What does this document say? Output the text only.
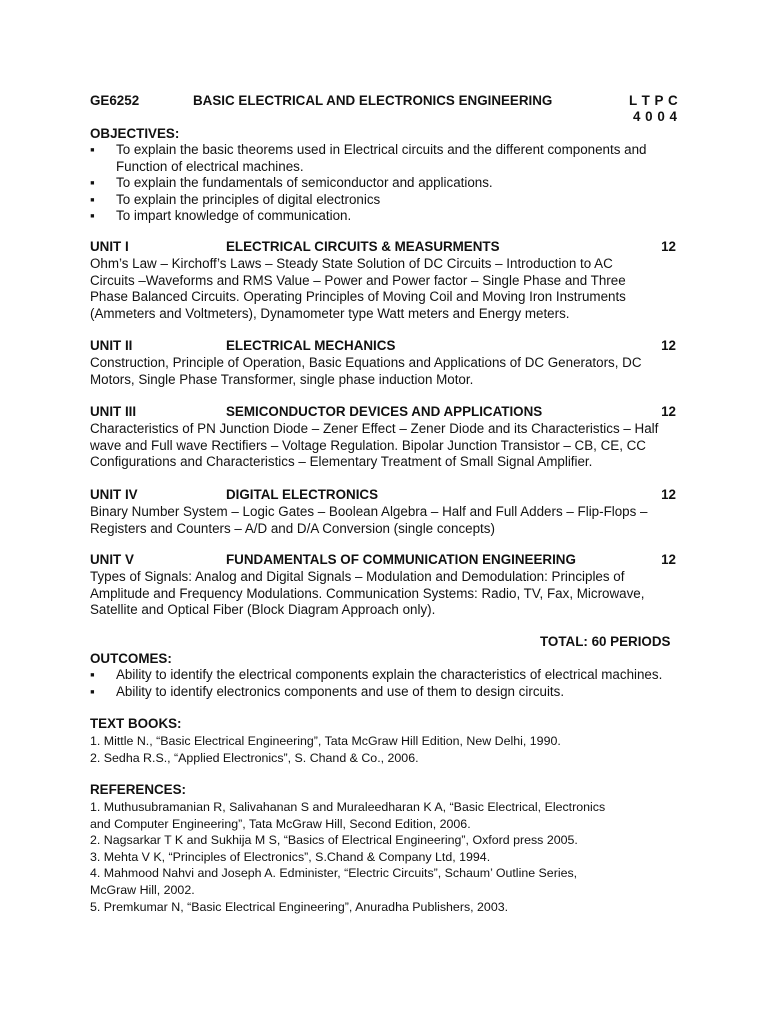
GE6252	BASIC ELECTRICAL AND ELECTRONICS ENGINEERING	L T P C
4 0 0 4
OBJECTIVES:
▪ To explain the basic theorems used in Electrical circuits and the different components and
Function of electrical machines.
▪ To explain the fundamentals of semiconductor and applications.
▪ To explain the principles of digital electronics
▪ To impart knowledge of communication.
UNIT I	ELECTRICAL CIRCUITS & MEASURMENTS	12
Ohm’s Law – Kirchoff’s Laws – Steady State Solution of DC Circuits – Introduction to AC
Circuits –Waveforms and RMS Value – Power and Power factor – Single Phase and Three
Phase Balanced Circuits. Operating Principles of Moving Coil and Moving Iron Instruments
(Ammeters and Voltmeters), Dynamometer type Watt meters and Energy meters.
UNIT II	ELECTRICAL MECHANICS	12
Construction, Principle of Operation, Basic Equations and Applications of DC Generators, DC
Motors, Single Phase Transformer, single phase induction Motor.
UNIT III	SEMICONDUCTOR DEVICES AND APPLICATIONS	12
Characteristics of PN Junction Diode – Zener Effect – Zener Diode and its Characteristics – Half
wave and Full wave Rectifiers – Voltage Regulation. Bipolar Junction Transistor – CB, CE, CC
Configurations and Characteristics – Elementary Treatment of Small Signal Amplifier.
UNIT IV	DIGITAL ELECTRONICS	12
Binary Number System – Logic Gates – Boolean Algebra – Half and Full Adders – Flip-Flops –
Registers and Counters – A/D and D/A Conversion (single concepts)
UNIT V	FUNDAMENTALS OF COMMUNICATION ENGINEERING	12
Types of Signals: Analog and Digital Signals – Modulation and Demodulation: Principles of
Amplitude and Frequency Modulations. Communication Systems: Radio, TV, Fax, Microwave,
Satellite and Optical Fiber (Block Diagram Approach only).
TOTAL: 60 PERIODS
OUTCOMES:
▪ Ability to identify the electrical components explain the characteristics of electrical machines.
▪ Ability to identify electronics components and use of them to design circuits.
TEXT BOOKS:
1. Mittle N., “Basic Electrical Engineering”, Tata McGraw Hill Edition, New Delhi, 1990.
2. Sedha R.S., “Applied Electronics”, S. Chand & Co., 2006.
REFERENCES:
1. Muthusubramanian R, Salivahanan S and Muraleedharan K A, “Basic Electrical, Electronics
and Computer Engineering”, Tata McGraw Hill, Second Edition, 2006.
2. Nagsarkar T K and Sukhija M S, “Basics of Electrical Engineering”, Oxford press 2005.
3. Mehta V K, “Principles of Electronics”, S.Chand & Company Ltd, 1994.
4. Mahmood Nahvi and Joseph A. Edminister, “Electric Circuits”, Schaum’ Outline Series,
McGraw Hill, 2002.
5. Premkumar N, “Basic Electrical Engineering”, Anuradha Publishers, 2003.
